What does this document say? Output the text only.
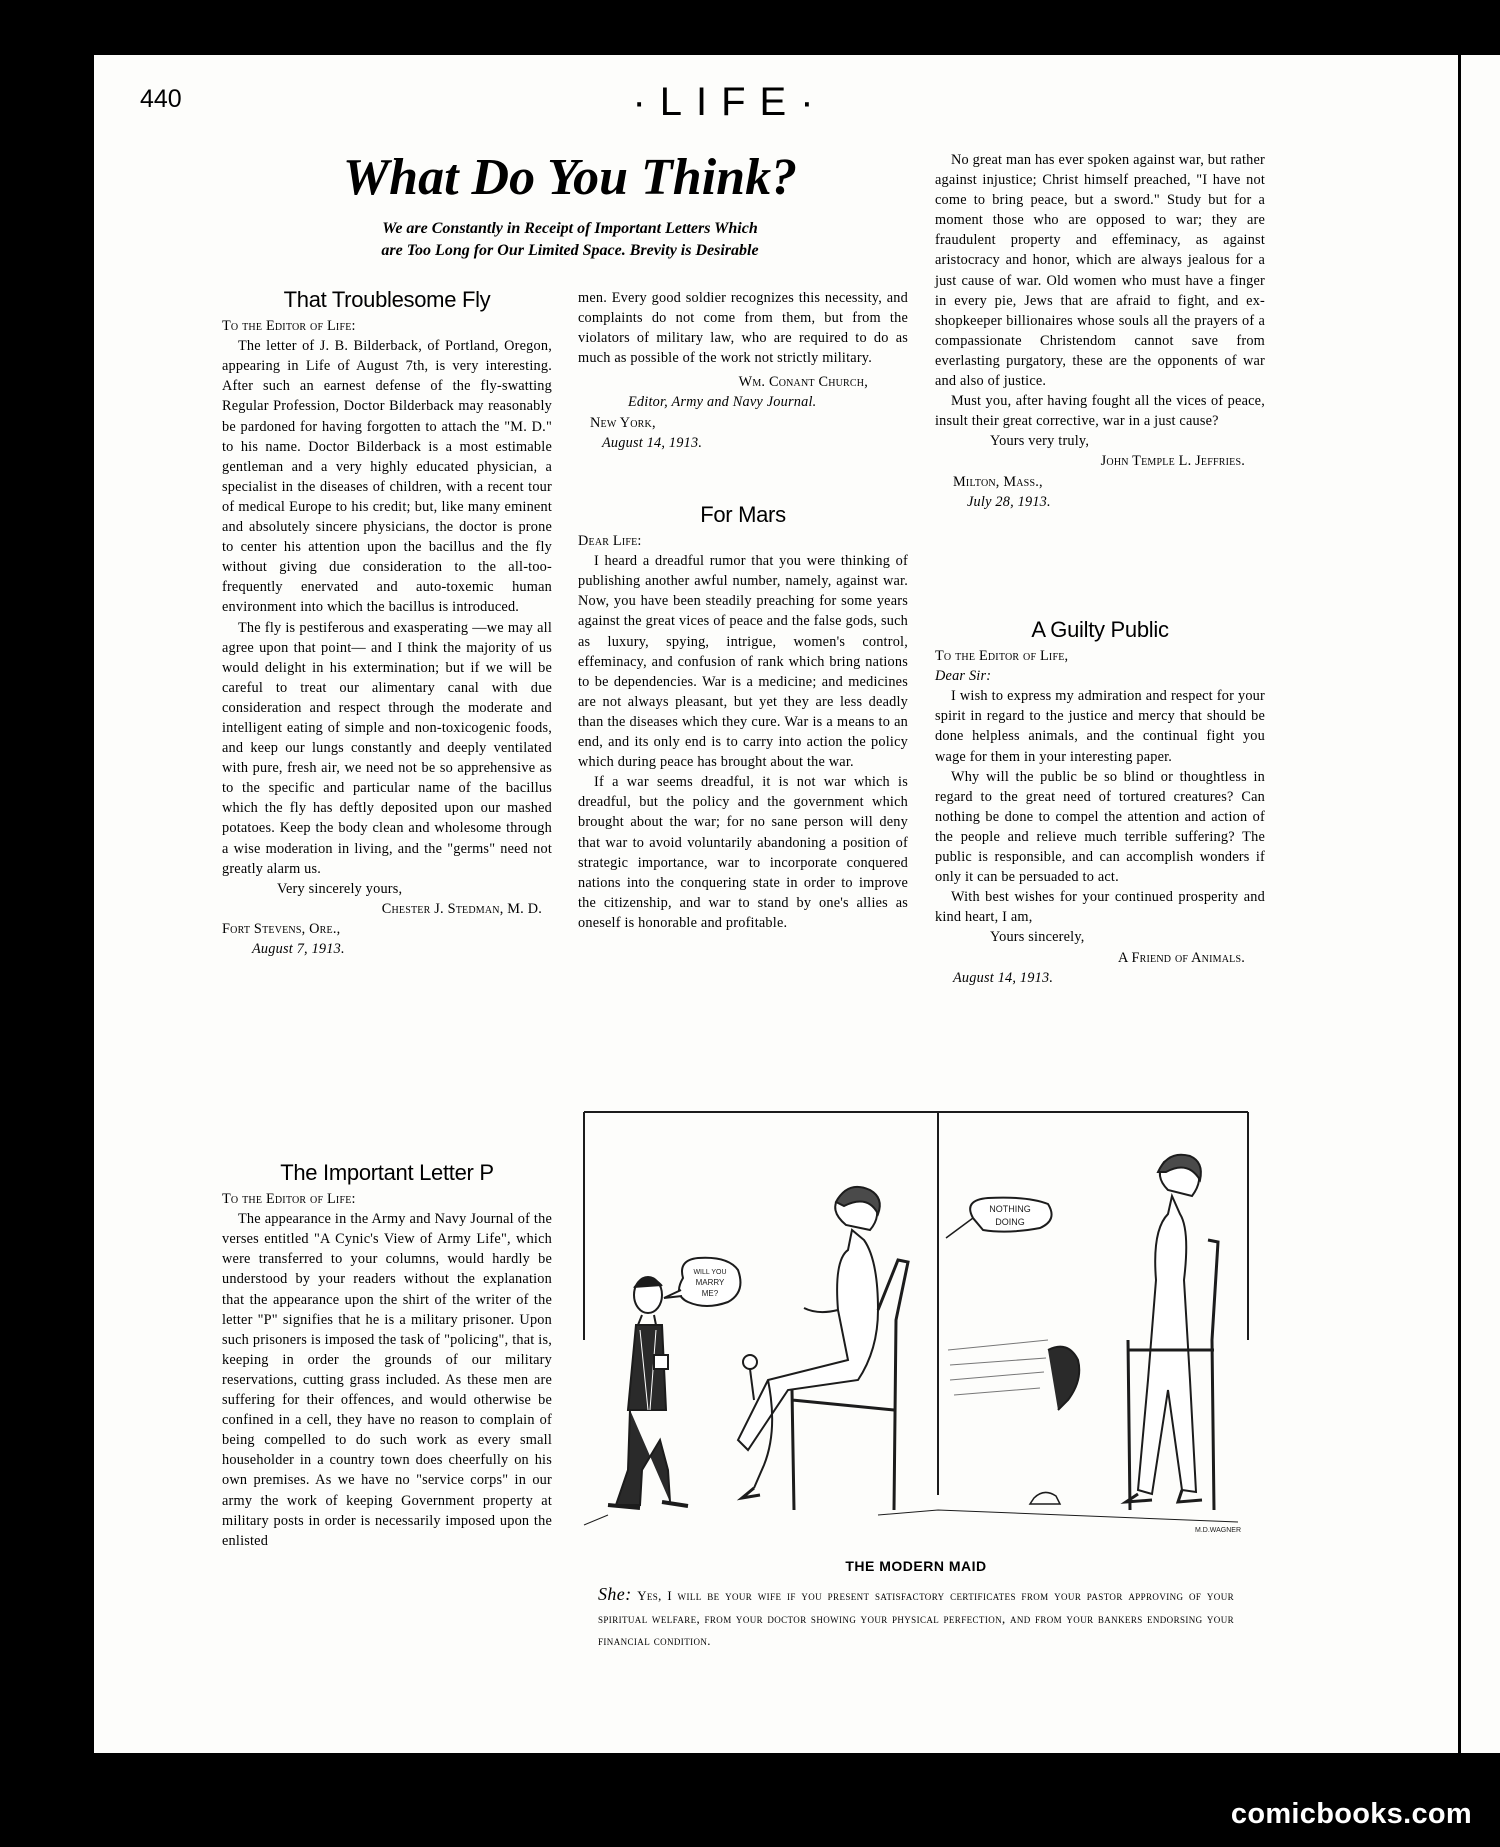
440	·LIFE·
What Do You Think?
We are Constantly in Receipt of Important Letters Which
are Too Long for Our Limited Space. Brevity is Desirable
That Troublesome Fly

To the Editor of Life:

The letter of J. B. Bilderback, of Portland, Oregon, appearing in Life of August 7th, is very interesting. After such an earnest defense of the fly-swatting Regular Profession, Doctor Bilderback may reasonably be pardoned for having forgotten to attach the "M. D." to his name. Doctor Bilderback is a most estimable gentleman and a very highly educated physician, a specialist in the diseases of children, with a recent tour of medical Europe to his credit; but, like many eminent and absolutely sincere physicians, the doctor is prone to center his attention upon the bacillus and the fly without giving due consideration to the all-too-frequently enervated and auto-toxemic human environment into which the bacillus is introduced.

The fly is pestiferous and exasperating —we may all agree upon that point— and I think the majority of us would delight in his extermination; but if we will be careful to treat our alimentary canal with due consideration and respect through the moderate and intelligent eating of simple and non-toxicogenic foods, and keep our lungs constantly and deeply ventilated with pure, fresh air, we need not be so apprehensive as to the specific and particular name of the bacillus which the fly has deftly deposited upon our mashed potatoes. Keep the body clean and wholesome through a wise moderation in living, and the "germs" need not greatly alarm us.

Very sincerely yours,

Chester J. Stedman, M. D.

Fort Stevens, Ore.,

August 7, 1913.

The Important Letter P

To the Editor of Life:

The appearance in the Army and Navy Journal of the verses entitled "A Cynic's View of Army Life", which were transferred to your columns, would hardly be understood by your readers without the explanation that the appearance upon the shirt of the writer of the letter "P" signifies that he is a military prisoner. Upon such prisoners is imposed the task of "policing", that is, keeping in order the grounds of our military reservations, cutting grass included. As these men are suffering for their offences, and would otherwise be confined in a cell, they have no reason to complain of being compelled to do such work as every small householder in a country town does cheerfully on his own premises. As we have no "service corps" in our army the work of keeping Government property at military posts in order is necessarily imposed upon the enlisted

men. Every good soldier recognizes this necessity, and complaints do not come from them, but from the violators of military law, who are required to do as much as possible of the work not strictly military.

Wm. Conant Church,

Editor, Army and Navy Journal.

New York,

August 14, 1913.

For Mars

Dear Life:

I heard a dreadful rumor that you were thinking of publishing another awful number, namely, against war. Now, you have been steadily preaching for some years against the great vices of peace and the false gods, such as luxury, spying, intrigue, women's control, effeminacy, and confusion of rank which bring nations to be dependencies. War is a medicine; and medicines are not always pleasant, but yet they are less deadly than the diseases which they cure. War is a means to an end, and its only end is to carry into action the policy which during peace has brought about the war.

If a war seems dreadful, it is not war which is dreadful, but the policy and the government which brought about the war; for no sane person will deny that war to avoid voluntarily abandoning a position of strategic importance, war to incorporate conquered nations into the conquering state in order to improve the citizenship, and war to stand by one's allies as oneself is honorable and profitable.

No great man has ever spoken against war, but rather against injustice; Christ himself preached, "I have not come to bring peace, but a sword." Study but for a moment those who are opposed to war; they are fraudulent property and effeminacy, as against aristocracy and honor, which are always jealous for a just cause of war. Old women who must have a finger in every pie, Jews that are afraid to fight, and ex-shopkeeper billionaires whose souls all the prayers of a compassionate Christendom cannot save from everlasting purgatory, these are the opponents of war and also of justice.

Must you, after having fought all the vices of peace, insult their great corrective, war in a just cause?

Yours very truly,

John Temple L. Jeffries.

Milton, Mass.,

July 28, 1913.

A Guilty Public

To the Editor of Life,

Dear Sir:

I wish to express my admiration and respect for your spirit in regard to the justice and mercy that should be done helpless animals, and the continual fight you wage for them in your interesting paper.

Why will the public be so blind or thoughtless in regard to the great need of tortured creatures? Can nothing be done to compel the attention and action of the people and relieve much terrible suffering? The public is responsible, and can accomplish wonders if only it can be persuaded to act.

With best wishes for your continued prosperity and kind heart, I am,

Yours sincerely,

A Friend of Animals.

August 14, 1913.

WILL YOU
MARRY
ME?
NOTHING
DOING
M.D.WAGNER
THE MODERN MAID
She: Yes, I will be your wife if you present satisfactory certificates from your pastor approving of your spiritual welfare, from your doctor showing your physical perfection, and from your bankers endorsing your financial condition.
comicbooks.com
